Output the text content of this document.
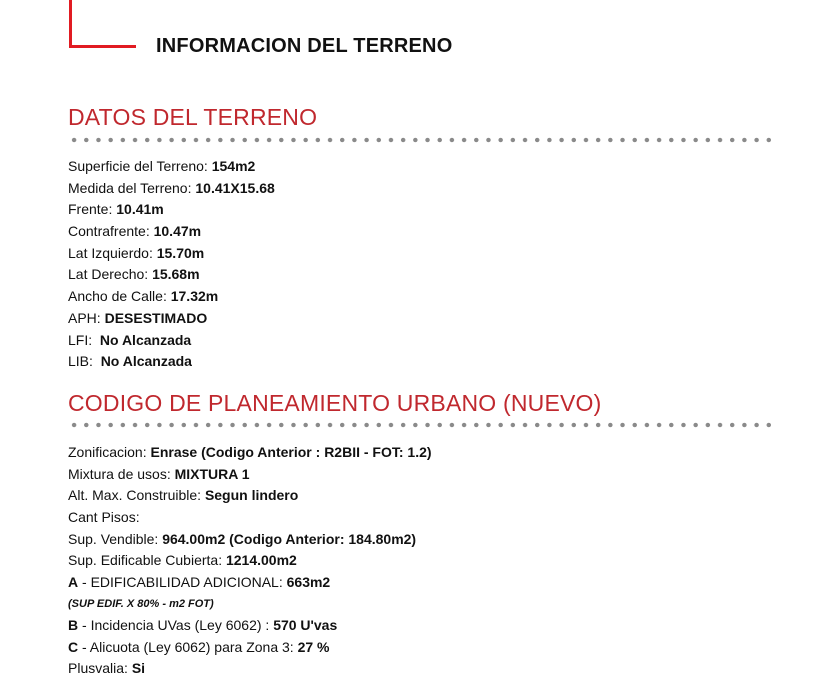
INFORMACION DEL TERRENO
DATOS DEL TERRENO
Superficie del Terreno: 154m2
Medida del Terreno: 10.41X15.68
Frente: 10.41m
Contrafrente: 10.47m
Lat Izquierdo: 15.70m
Lat Derecho: 15.68m
Ancho de Calle: 17.32m
APH: DESESTIMADO
LFI:  No Alcanzada
LIB:  No Alcanzada
CODIGO DE PLANEAMIENTO URBANO (NUEVO)
Zonificacion: Enrase (Codigo Anterior : R2BII - FOT: 1.2)
Mixtura de usos: MIXTURA 1
Alt. Max. Construible: Segun lindero
Cant Pisos:
Sup. Vendible: 964.00m2 (Codigo Anterior: 184.80m2)
Sup. Edificable Cubierta: 1214.00m2
A - EDIFICABILIDAD ADICIONAL: 663m2
(SUP EDIF. X 80% - m2 FOT)
B - Incidencia UVas (Ley 6062) : 570 U'vas
C - Alicuota (Ley 6062) para Zona 3: 27 %
Plusvalia: Si
